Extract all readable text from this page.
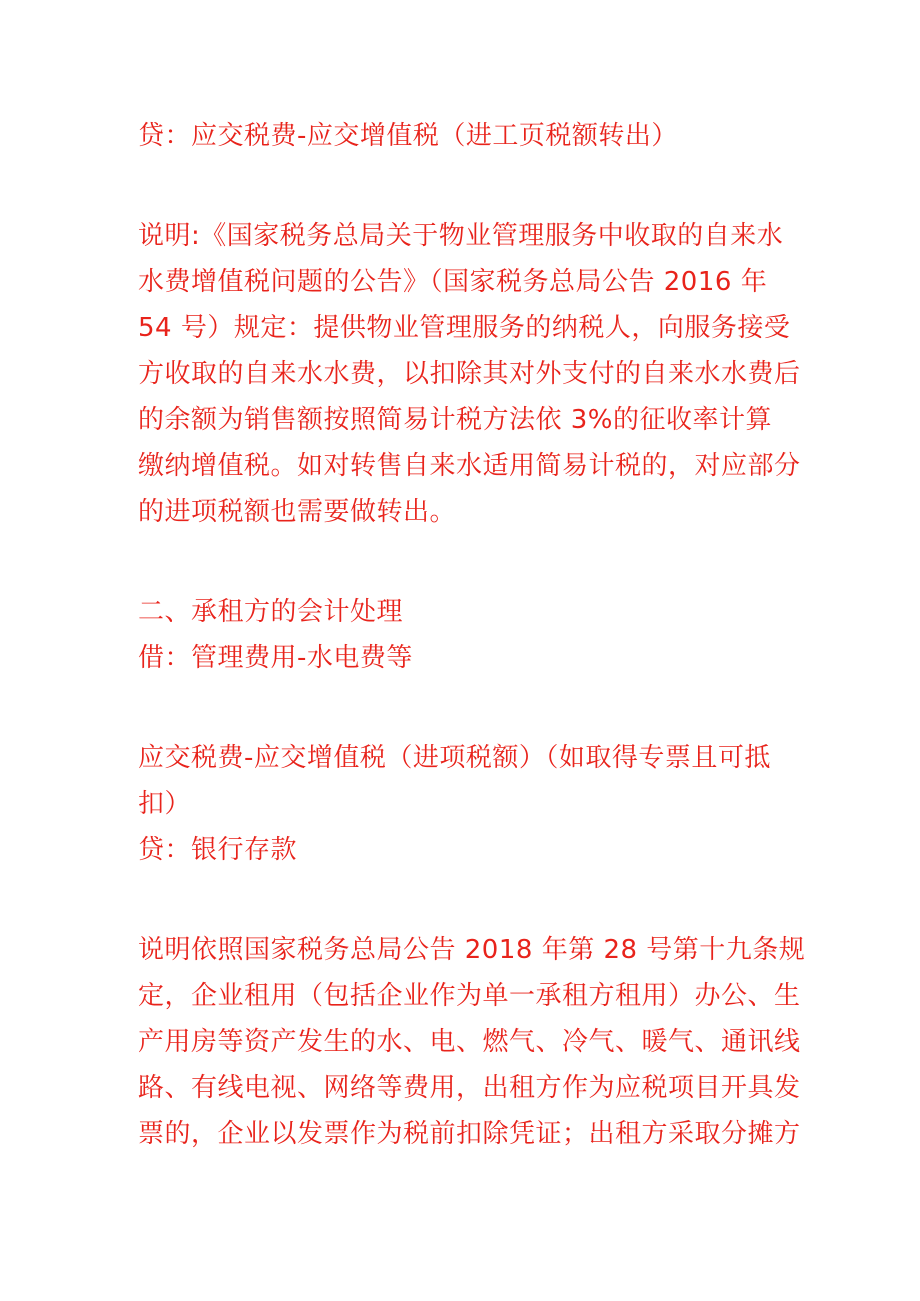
贷：应交税费-应交增值税（进工页税额转出）
说明:《国家税务总局关于物业管理服务中收取的自来水
水费增值税问题的公告》（国家税务总局公告 2016 年
54 号）规定：提供物业管理服务的纳税人，向服务接受
方收取的自来水水费，以扣除其对外支付的自来水水费后
的余额为销售额按照简易计税方法依 3%的征收率计算
缴纳增值税。如对转售自来水适用简易计税的，对应部分
的进项税额也需要做转出。
二、承租方的会计处理
借：管理费用-水电费等
应交税费-应交增值税（进项税额）（如取得专票且可抵
扣）
贷：银行存款
说明依照国家税务总局公告 2018 年第 28 号第十九条规
定，企业租用（包括企业作为单一承租方租用）办公、生
产用房等资产发生的水、电、燃气、冷气、暖气、通讯线
路、有线电视、网络等费用，出租方作为应税项目开具发
票的，企业以发票作为税前扣除凭证；出租方采取分摊方
